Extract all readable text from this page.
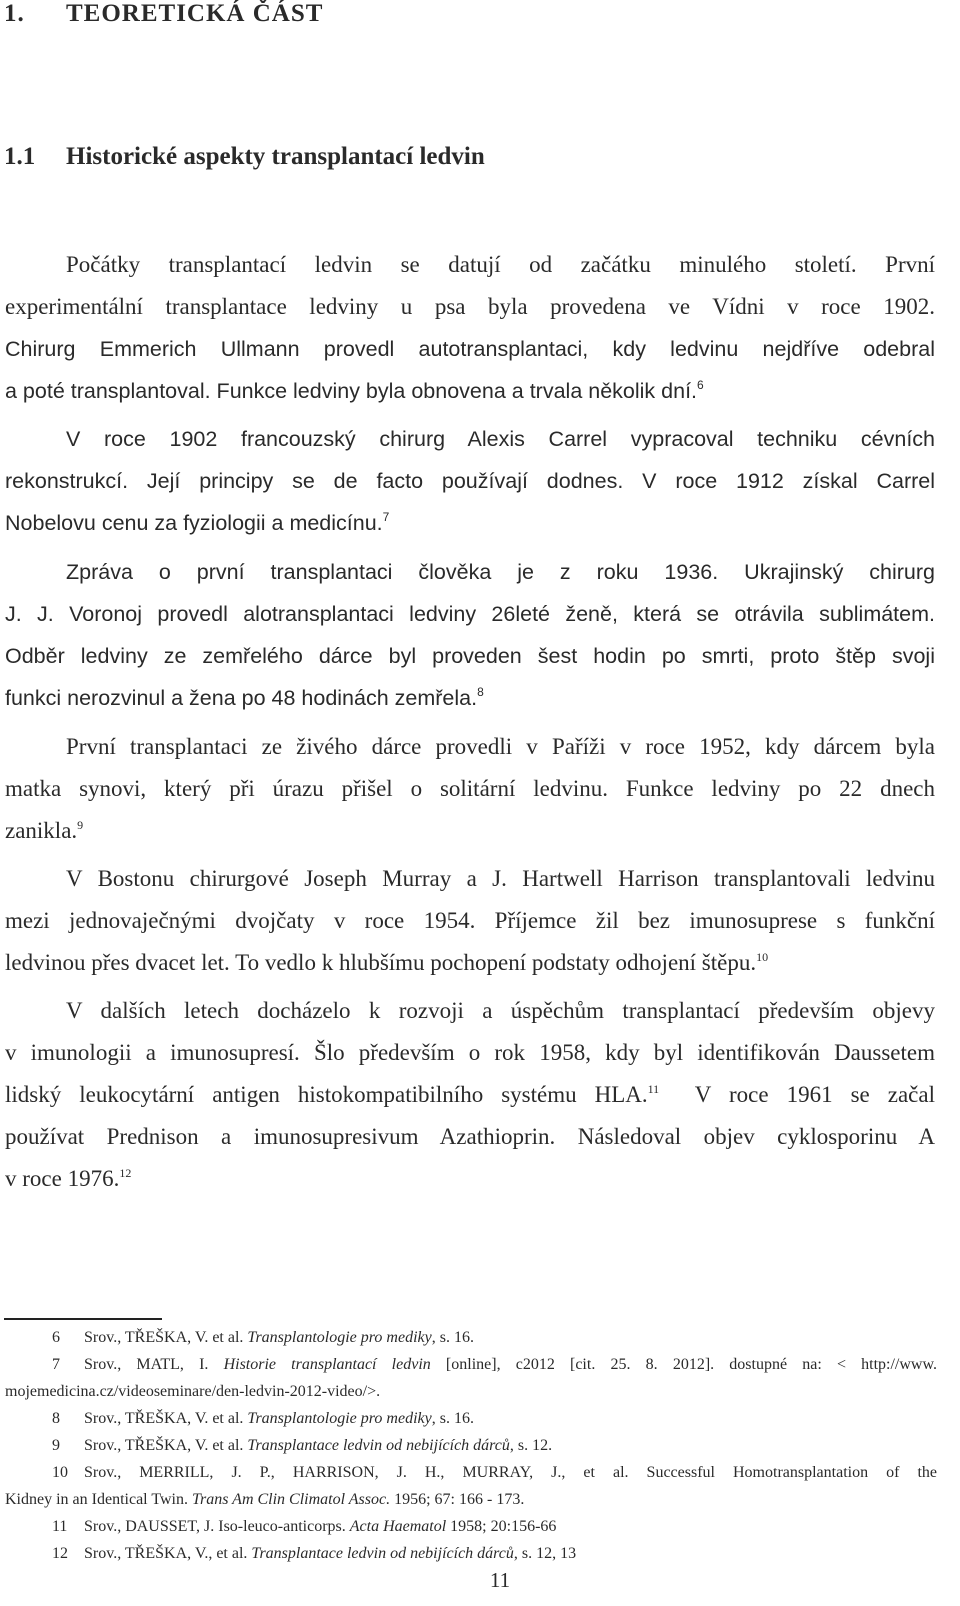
1. TEORETICKÁ ČÁST
1.1 Historické aspekty transplantací ledvin
Počátky transplantací ledvin se datují od začátku minulého století. První
experimentální transplantace ledviny u psa byla provedena ve Vídni v roce 1902.
Chirurg Emmerich Ullmann provedl autotransplantaci, kdy ledvinu nejdříve odebral
a poté transplantoval. Funkce ledviny byla obnovena a trvala několik dní.$^6$
V roce 1902 francouzský chirurg Alexis Carrel vypracoval techniku cévních
rekonstrukcí. Její principy se de facto používají dodnes. V roce 1912 získal Carrel
Nobelovu cenu za fyziologii a medicínu.$^7$
Zpráva o první transplantaci člověka je z roku 1936. Ukrajinský chirurg
J. J. Voronoj provedl alotransplantaci ledviny 26leté ženě, která se otrávila sublimátem.
Odběr ledviny ze zemřelého dárce byl proveden šest hodin po smrti, proto štěp svoji
funkci nerozvinul a žena po 48 hodinách zemřela.$^8$
První transplantaci ze živého dárce provedli v Paříži v roce 1952, kdy dárcem byla
matka synovi, který při úrazu přišel o solitární ledvinu. Funkce ledviny po 22 dnech
zanikla.$^9$
V Bostonu chirurgové Joseph Murray a J. Hartwell Harrison transplantovali ledvinu
mezi jednovaječnými dvojčaty v roce 1954. Příjemce žil bez imunosuprese s funkční
ledvinou přes dvacet let. To vedlo k hlubšímu pochopení podstaty odhojení štěpu.$^{10}$
V dalších letech docházelo k rozvoji a úspěchům transplantací především objevy
v imunologii a imunosupresí. Šlo především o rok 1958, kdy byl identifikován Daussetem
lidský leukocytární antigen histokompatibilního systému HLA.$^{11}$  V roce 1961 se začal
používat Prednison a imunosupresivum Azathioprin. Následoval objev cyklosporinu A
v roce 1976.12
6 Srov., TŘEŠKA, V. et al. Transplantologie pro mediky, s. 16.
7 Srov., MATL, I. Historie transplantací ledvin [online], c2012 [cit. 25. 8. 2012]. dostupné na: < http://www.
mojemedicina.cz/videoseminare/den-ledvin-2012-video/>.
8 Srov., TŘEŠKA, V. et al. Transplantologie pro mediky, s. 16.
9 Srov., TŘEŠKA, V. et al. Transplantace ledvin od nebijících dárců, s. 12.
10 Srov., MERRILL, J. P., HARRISON, J. H., MURRAY, J., et al. Successful Homotransplantation of the
Kidney in an Identical Twin. Trans Am Clin Climatol Assoc. 1956; 67: 166 - 173.
11 Srov., DAUSSET, J. Iso-leuco-anticorps. Acta Haematol 1958; 20:156-66
12 Srov., TŘEŠKA, V., et al. Transplantace ledvin od nebijících dárců, s. 12, 13
11
